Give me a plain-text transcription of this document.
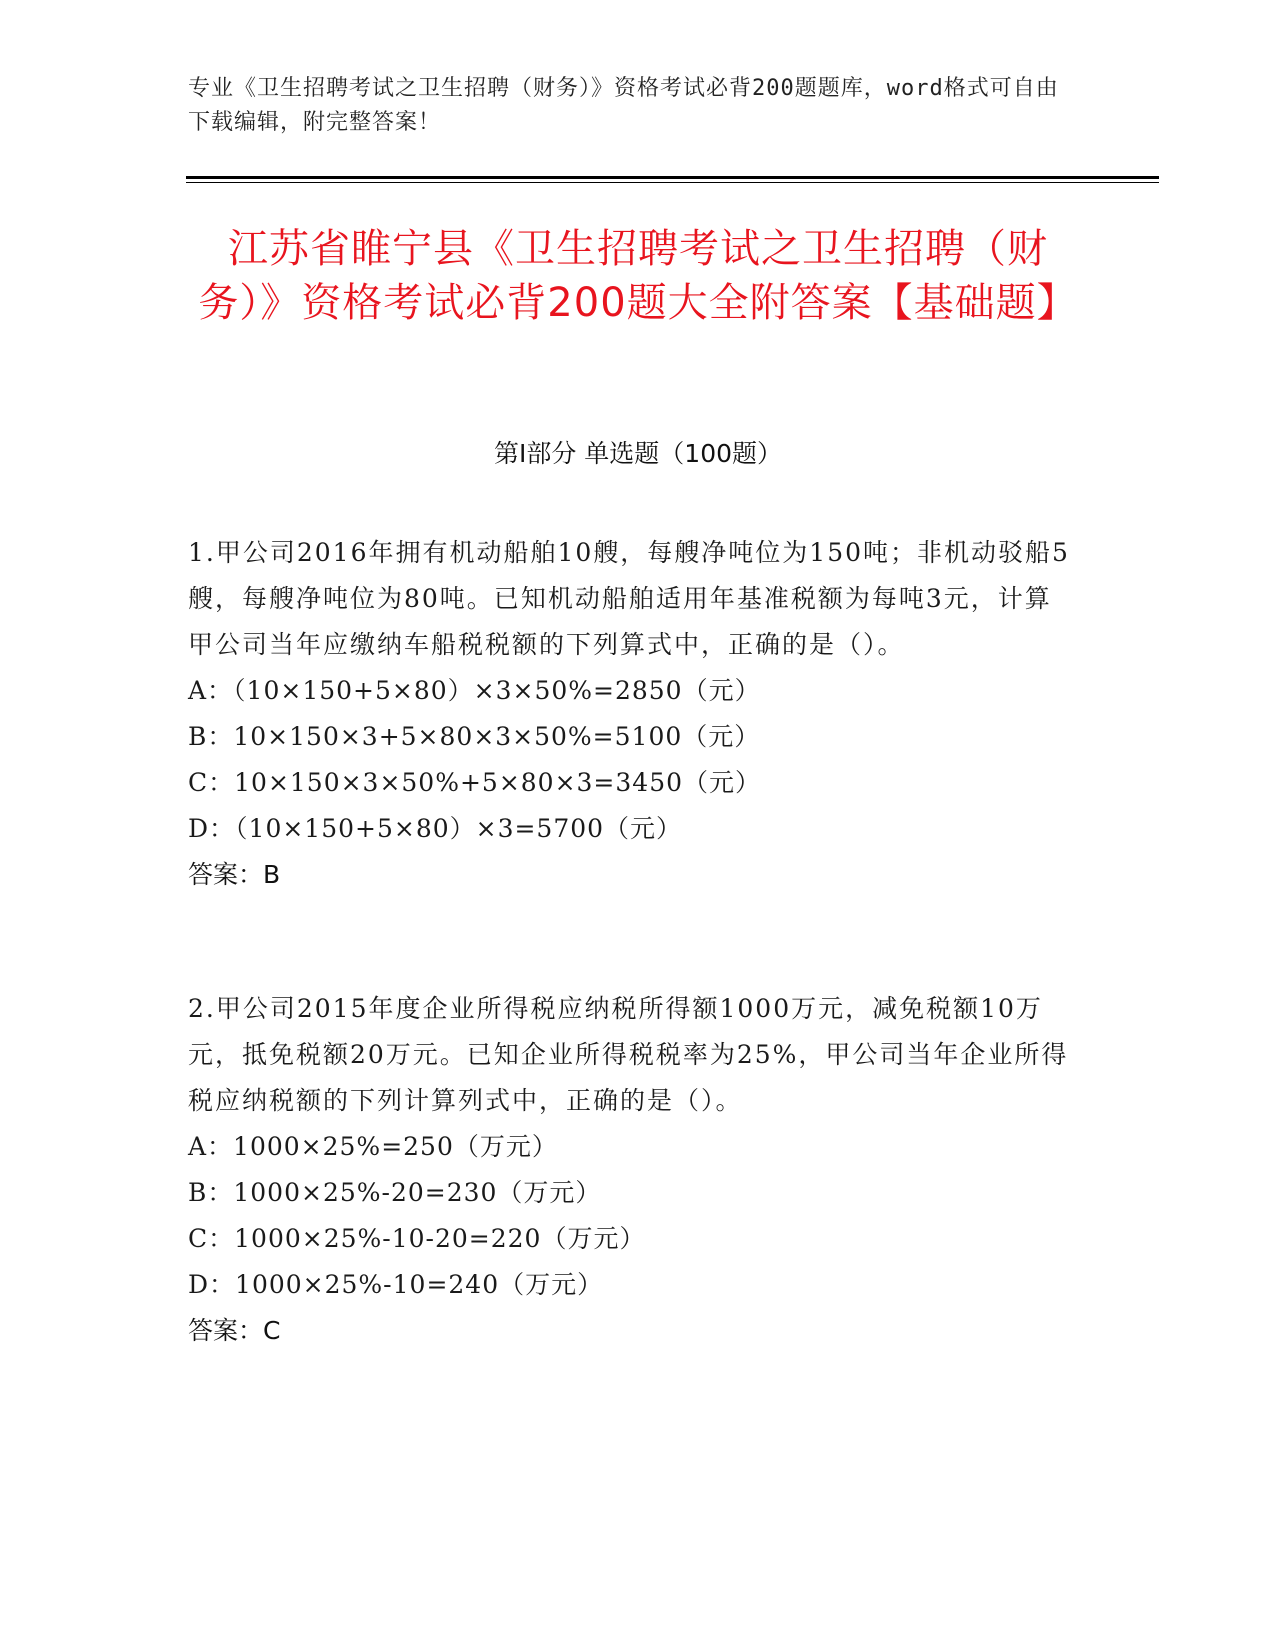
专业《卫生招聘考试之卫生招聘（财务）》资格考试必背200题题库，word格式可自由下载编辑，附完整答案！
江苏省睢宁县《卫生招聘考试之卫生招聘（财务）》资格考试必背200题大全附答案【基础题】
第I部分 单选题（100题）

1.甲公司2016年拥有机动船舶10艘，每艘净吨位为150吨；非机动驳船5艘，每艘净吨位为80吨。已知机动船舶适用年基准税额为每吨3元，计算甲公司当年应缴纳车船税税额的下列算式中，正确的是（）。

A：（10×150+5×80）×3×50%=2850（元）

B：10×150×3+5×80×3×50%=5100（元）

C：10×150×3×50%+5×80×3=3450（元）

D：（10×150+5×80）×3=5700（元）

答案：B

2.甲公司2015年度企业所得税应纳税所得额1000万元，减免税额10万元，抵免税额20万元。已知企业所得税税率为25%，甲公司当年企业所得税应纳税额的下列计算列式中，正确的是（）。

A：1000×25%=250（万元）

B：1000×25%-20=230（万元）

C：1000×25%-10-20=220（万元）

D：1000×25%-10=240（万元）

答案：C
